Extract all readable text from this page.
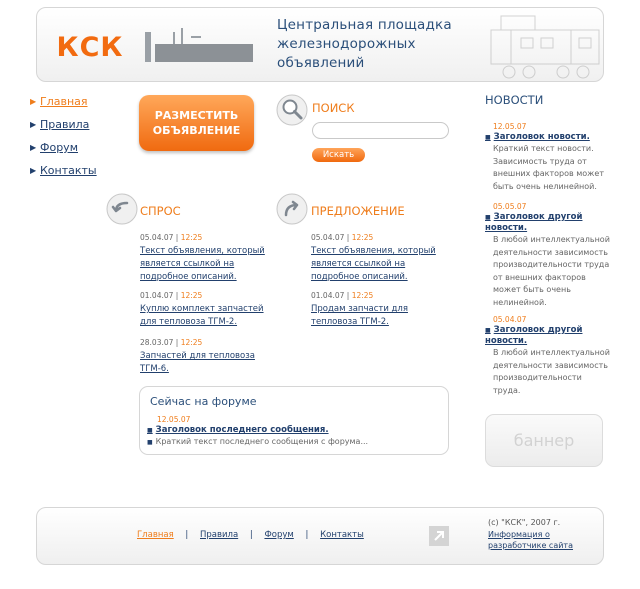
КСК
Центральная площадка
железнодорожных
объявлений
▶ Главная
▶ Правила
▶ Форум
▶ Контакты
РАЗМЕСТИТЬ
ОБЪЯВЛЕНИЕ
ПОИСК
Искать
СПРОС
05.04.07 | 12:25
Текст объявления, который является ссылкой на подробное описаний.
01.04.07 | 12:25
Куплю комплект запчастей для тепловоза ТГМ-2.
28.03.07 | 12:25
Запчастей для тепловоза ТГМ-6.
ПРЕДЛОЖЕНИЕ
05.04.07 | 12:25
Текст объявления, который является ссылкой на подробное описаний.
01.04.07 | 12:25
Продам запчасти для тепловоза ТГМ-2.
Сейчас на форуме
12.05.07
■ Заголовок последнего сообщения.
■ Краткий текст последнего сообщения с форума...
НОВОСТИ
12.05.07
■ Заголовок новости.
Краткий текст новости. Зависимость труда от внешних факторов может быть очень нелинейной.
05.05.07
■ Заголовок другой новости.
В любой интеллектуальной деятельности зависимость производительности труда от внешних факторов может быть очень нелинейной.
05.04.07
■ Заголовок другой новости.
В любой интеллектуальной деятельности зависимость производительности труда.
баннер
Главная | Правила | Форум | Контакты
(c) "КСК", 2007 г.
Информация о разработчике сайта
